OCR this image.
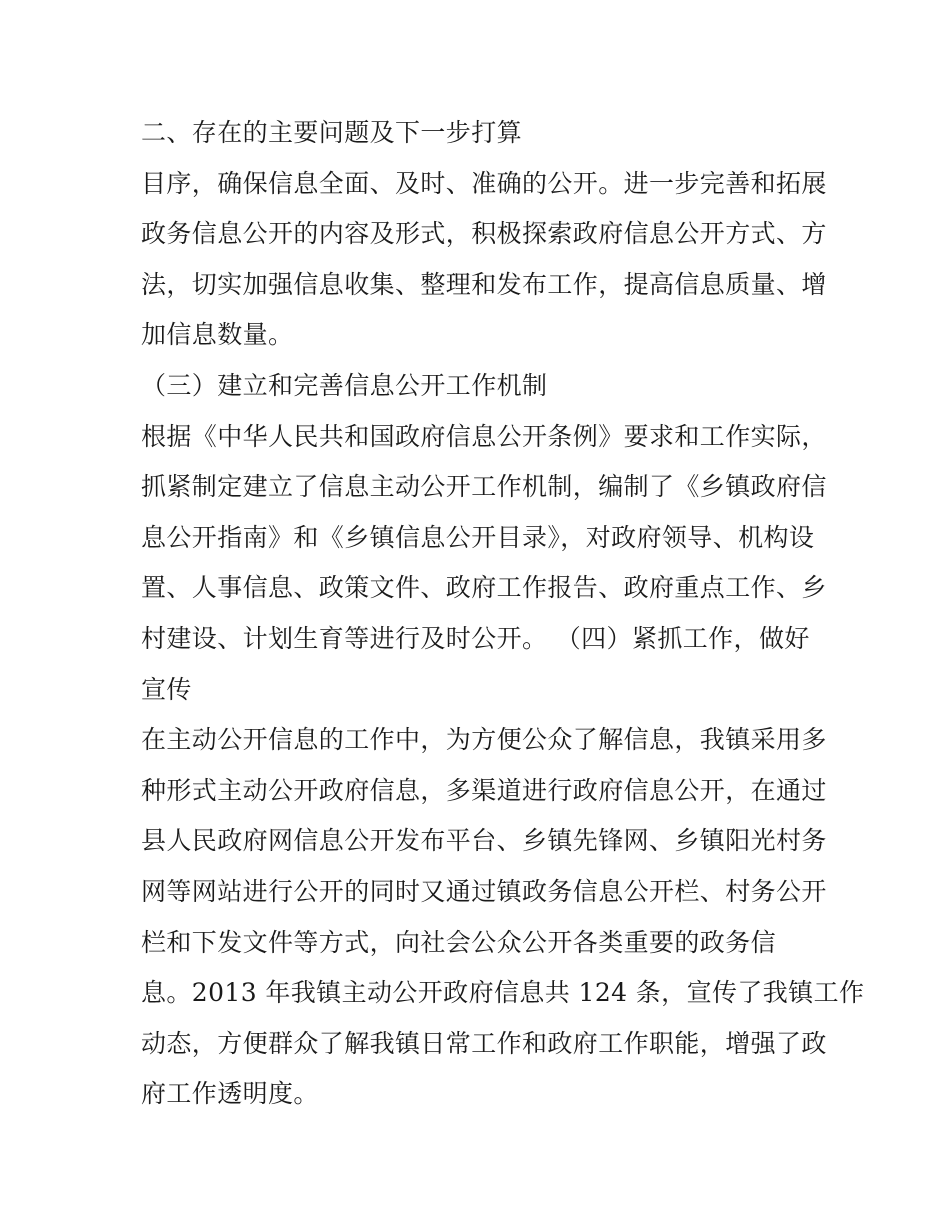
二、存在的主要问题及下一步打算
目序，确保信息全面、及时、准确的公开。进一步完善和拓展
政务信息公开的内容及形式，积极探索政府信息公开方式、方
法，切实加强信息收集、整理和发布工作，提高信息质量、增
加信息数量。
（三）建立和完善信息公开工作机制
根据《中华人民共和国政府信息公开条例》要求和工作实际，
抓紧制定建立了信息主动公开工作机制，编制了《乡镇政府信
息公开指南》和《乡镇信息公开目录》，对政府领导、机构设
置、人事信息、政策文件、政府工作报告、政府重点工作、乡
村建设、计划生育等进行及时公开。 （四）紧抓工作，做好
宣传
在主动公开信息的工作中，为方便公众了解信息，我镇采用多
种形式主动公开政府信息，多渠道进行政府信息公开，在通过
县人民政府网信息公开发布平台、乡镇先锋网、乡镇阳光村务
网等网站进行公开的同时又通过镇政务信息公开栏、村务公开
栏和下发文件等方式，向社会公众公开各类重要的政务信
息。2013 年我镇主动公开政府信息共 124 条，宣传了我镇工作
动态，方便群众了解我镇日常工作和政府工作职能，增强了政
府工作透明度。
